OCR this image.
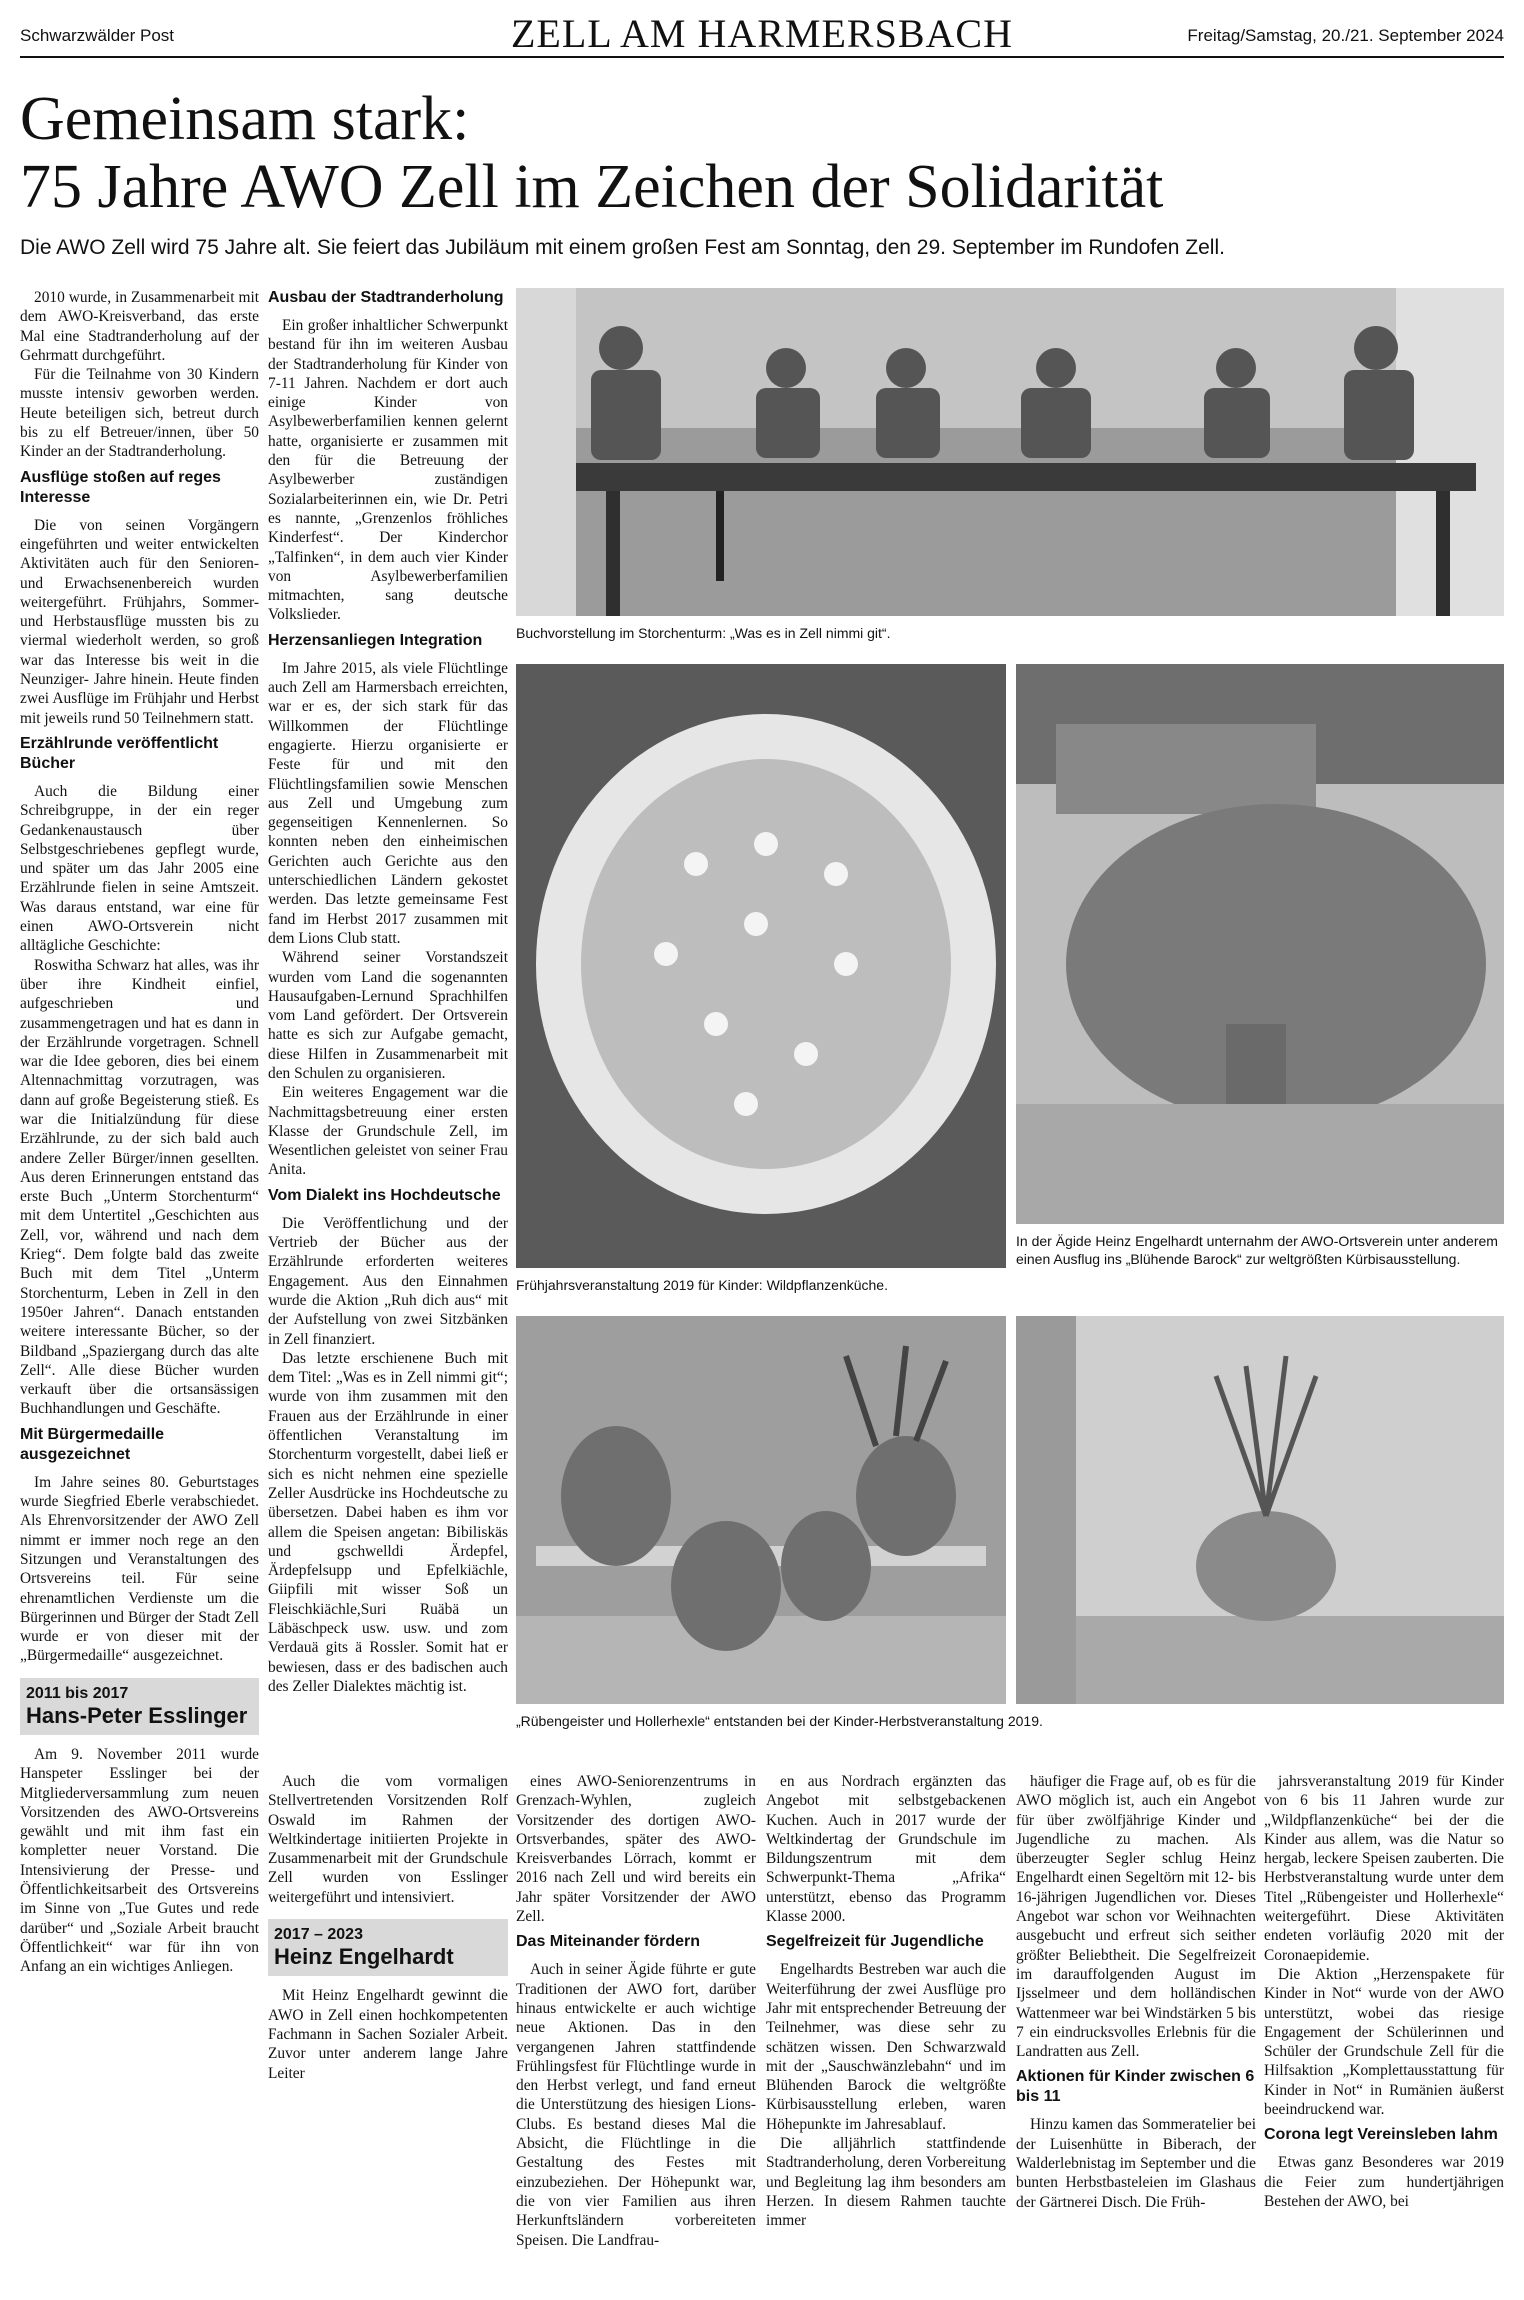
Schwarzwälder Post	ZELL AM HARMERSBACH	Freitag/Samstag, 20./21. September 2024
Gemeinsam stark:
75 Jahre AWO Zell im Zeichen der Solidarität
Die AWO Zell wird 75 Jahre alt. Sie feiert das Jubiläum mit einem großen Fest am Sonntag, den 29. September im Rundofen Zell.

2010 wurde, in Zusammenarbeit mit dem AWO-Kreisverband, das erste Mal eine Stadtranderholung auf der Gehrmatt durchgeführt.

Für die Teilnahme von 30 Kindern musste intensiv geworben werden. Heute beteiligen sich, betreut durch bis zu elf Betreuer/innen, über 50 Kinder an der Stadtranderholung.

Ausflüge stoßen auf reges Interesse

Die von seinen Vorgängern eingeführten und weiter entwickelten Aktivitäten auch für den Senioren- und Erwachsenenbereich wurden weitergeführt. Frühjahrs, Sommer- und Herbstausflüge mussten bis zu viermal wiederholt werden, so groß war das Interesse bis weit in die Neunziger- Jahre hinein. Heute finden zwei Ausflüge im Frühjahr und Herbst mit jeweils rund 50 Teilnehmern statt.

Erzählrunde veröffentlicht Bücher

Auch die Bildung einer Schreibgruppe, in der ein reger Gedankenaustausch über Selbstgeschriebenes gepflegt wurde, und später um das Jahr 2005 eine Erzählrunde fielen in seine Amtszeit. Was daraus entstand, war eine für einen AWO-Ortsverein nicht alltägliche Geschichte:

Roswitha Schwarz hat alles, was ihr über ihre Kindheit einfiel, aufgeschrieben und zusammengetragen und hat es dann in der Erzählrunde vorgetragen. Schnell war die Idee geboren, dies bei einem Altennachmittag vorzutragen, was dann auf große Begeisterung stieß. Es war die Initialzündung für diese Erzählrunde, zu der sich bald auch andere Zeller Bürger/innen gesellten. Aus deren Erinnerungen entstand das erste Buch „Unterm Storchenturm“ mit dem Untertitel „Geschichten aus Zell, vor, während und nach dem Krieg“. Dem folgte bald das zweite Buch mit dem Titel „Unterm Storchenturm, Leben in Zell in den 1950er Jahren“. Danach entstanden weitere interessante Bücher, so der Bildband „Spaziergang durch das alte Zell“. Alle diese Bücher wurden verkauft über die ortsansässigen Buchhandlungen und Geschäfte.

Mit Bürgermedaille ausgezeichnet

Im Jahre seines 80. Geburtstages wurde Siegfried Eberle verabschiedet. Als Ehrenvorsitzender der AWO Zell nimmt er immer noch rege an den Sitzungen und Veranstaltungen des Ortsvereins teil. Für seine ehrenamtlichen Verdienste um die Bürgerinnen und Bürger der Stadt Zell wurde er von dieser mit der „Bürgermedaille“ ausgezeichnet.

2011 bis 2017
Hans-Peter Esslinger

Am 9. November 2011 wurde Hanspeter Esslinger bei der Mitgliederversammlung zum neuen Vorsitzenden des AWO-Ortsvereins gewählt und mit ihm fast ein kompletter neuer Vorstand. Die Intensivierung der Presse- und Öffentlichkeitsarbeit des Ortsvereins im Sinne von „Tue Gutes und rede darüber“ und „Soziale Arbeit braucht Öffentlichkeit“ war für ihn von Anfang an ein wichtiges Anliegen.

Ausbau der Stadtranderholung

Ein großer inhaltlicher Schwerpunkt bestand für ihn im weiteren Ausbau der Stadtranderholung für Kinder von 7-11 Jahren. Nachdem er dort auch einige Kinder von Asylbewerberfamilien kennen gelernt hatte, organisierte er zusammen mit den für die Betreuung der Asylbewerber zuständigen Sozialarbeiterinnen ein, wie Dr. Petri es nannte, „Grenzenlos fröhliches Kinderfest“. Der Kinderchor „Talfinken“, in dem auch vier Kinder von Asylbewerberfamilien mitmachten, sang deutsche Volkslieder.

Herzensanliegen Integration

Im Jahre 2015, als viele Flüchtlinge auch Zell am Harmersbach erreichten, war er es, der sich stark für das Willkommen der Flüchtlinge engagierte. Hierzu organisierte er Feste für und mit den Flüchtlingsfamilien sowie Menschen aus Zell und Umgebung zum gegenseitigen Kennenlernen. So konnten neben den einheimischen Gerichten auch Gerichte aus den unterschiedlichen Ländern gekostet werden. Das letzte gemeinsame Fest fand im Herbst 2017 zusammen mit dem Lions Club statt.

Während seiner Vorstandszeit wurden vom Land die sogenannten Hausaufgaben-Lernund Sprachhilfen vom Land gefördert. Der Ortsverein hatte es sich zur Aufgabe gemacht, diese Hilfen in Zusammenarbeit mit den Schulen zu organisieren.

Ein weiteres Engagement war die Nachmittagsbetreuung einer ersten Klasse der Grundschule Zell, im Wesentlichen geleistet von seiner Frau Anita.

Vom Dialekt ins Hochdeutsche

Die Veröffentlichung und der Vertrieb der Bücher aus der Erzählrunde erforderten weiteres Engagement. Aus den Einnahmen wurde die Aktion „Ruh dich aus“ mit der Aufstellung von zwei Sitzbänken in Zell finanziert.

Das letzte erschienene Buch mit dem Titel: „Was es in Zell nimmi git“; wurde von ihm zusammen mit den Frauen aus der Erzählrunde in einer öffentlichen Veranstaltung im Storchenturm vorgestellt, dabei ließ er sich es nicht nehmen eine spezielle Zeller Ausdrücke ins Hochdeutsche zu übersetzen. Dabei haben es ihm vor allem die Speisen angetan: Bibiliskäs und gschwelldi Ärdepfel, Ärdepfelsupp und Epfelkiächle, Giipfili mit wisser Soß un Fleischkiächle,Suri Ruäbä un Läbäschpeck usw. usw. und zom Verdauä gits ä Rossler. Somit hat er bewiesen, dass er des badischen auch des Zeller Dialektes mächtig ist.

Auch die vom vormaligen Stellvertretenden Vorsitzenden Rolf Oswald im Rahmen der Weltkindertage initiierten Projekte in Zusammenarbeit mit der Grundschule Zell wurden von Esslinger weitergeführt und intensiviert.

2017 – 2023
Heinz Engelhardt

Mit Heinz Engelhardt gewinnt die AWO in Zell einen hochkompetenten Fachmann in Sachen Sozialer Arbeit. Zuvor unter anderem lange Jahre Leiter

eines AWO-Seniorenzentrums in Grenzach-Wyhlen, zugleich Vorsitzender des dortigen AWO-Ortsverbandes, später des AWO-Kreisverbandes Lörrach, kommt er 2016 nach Zell und wird bereits ein Jahr später Vorsitzender der AWO Zell.

Das Miteinander fördern

Auch in seiner Ägide führte er gute Traditionen der AWO fort, darüber hinaus entwickelte er auch wichtige neue Aktionen. Das in den vergangenen Jahren stattfindende Frühlingsfest für Flüchtlinge wurde in den Herbst verlegt, und fand erneut die Unterstützung des hiesigen Lions-Clubs. Es bestand dieses Mal die Absicht, die Flüchtlinge in die Gestaltung des Festes mit einzubeziehen. Der Höhepunkt war, die von vier Familien aus ihren Herkunftsländern vorbereiteten Speisen. Die Landfrau-

en aus Nordrach ergänzten das Angebot mit selbstgebackenen Kuchen. Auch in 2017 wurde der Weltkindertag der Grundschule im Bildungszentrum mit dem Schwerpunkt-Thema „Afrika“ unterstützt, ebenso das Programm Klasse 2000.

Segelfreizeit für Jugendliche

Engelhardts Bestreben war auch die Weiterführung der zwei Ausflüge pro Jahr mit entsprechender Betreuung der Teilnehmer, was diese sehr zu schätzen wissen. Den Schwarzwald mit der „Sauschwänzlebahn“ und im Blühenden Barock die weltgrößte Kürbisausstellung erleben, waren Höhepunkte im Jahresablauf.

Die alljährlich stattfindende Stadtranderholung, deren Vorbereitung und Begleitung lag ihm besonders am Herzen. In diesem Rahmen tauchte immer

häufiger die Frage auf, ob es für die AWO möglich ist, auch ein Angebot für über zwölfjährige Kinder und Jugendliche zu machen. Als überzeugter Segler schlug Heinz Engelhardt einen Segeltörn mit 12- bis 16-jährigen Jugendlichen vor. Dieses Angebot war schon vor Weihnachten ausgebucht und erfreut sich seither größter Beliebtheit. Die Segelfreizeit im darauffolgenden August im Ijsselmeer und dem holländischen Wattenmeer war bei Windstärken 5 bis 7 ein eindrucksvolles Erlebnis für die Landratten aus Zell.

Aktionen für Kinder zwischen 6 bis 11

Hinzu kamen das Sommeratelier bei der Luisenhütte in Biberach, der Walderlebnistag im September und die bunten Herbstbasteleien im Glashaus der Gärtnerei Disch. Die Früh-

jahrsveranstaltung 2019 für Kinder von 6 bis 11 Jahren wurde zur „Wildpflanzenküche“ bei der die Kinder aus allem, was die Natur so hergab, leckere Speisen zauberten. Die Herbstveranstaltung wurde unter dem Titel „Rübengeister und Hollerhexle“ weitergeführt. Diese Aktivitäten endeten vorläufig 2020 mit der Coronaepidemie.

Die Aktion „Herzenspakete für Kinder in Not“ wurde von der AWO unterstützt, wobei das riesige Engagement der Schülerinnen und Schüler der Grundschule Zell für die Hilfsaktion „Komplettausstattung für Kinder in Not“ in Rumänien äußerst beeindruckend war.

Corona legt Vereinsleben lahm

Etwas ganz Besonderes war 2019 die Feier zum hundertjährigen Bestehen der AWO, bei

Buchvorstellung im Storchenturm: „Was es in Zell nimmi git“.
Frühjahrsveranstaltung 2019 für Kinder: Wildpflanzenküche.
In der Ägide Heinz Engelhardt unternahm der AWO-Ortsverein unter anderem einen Ausflug ins „Blühende Barock“ zur weltgrößten Kürbisausstellung.
„Rübengeister und Hollerhexle“ entstanden bei der Kinder-Herbstveranstaltung 2019.
